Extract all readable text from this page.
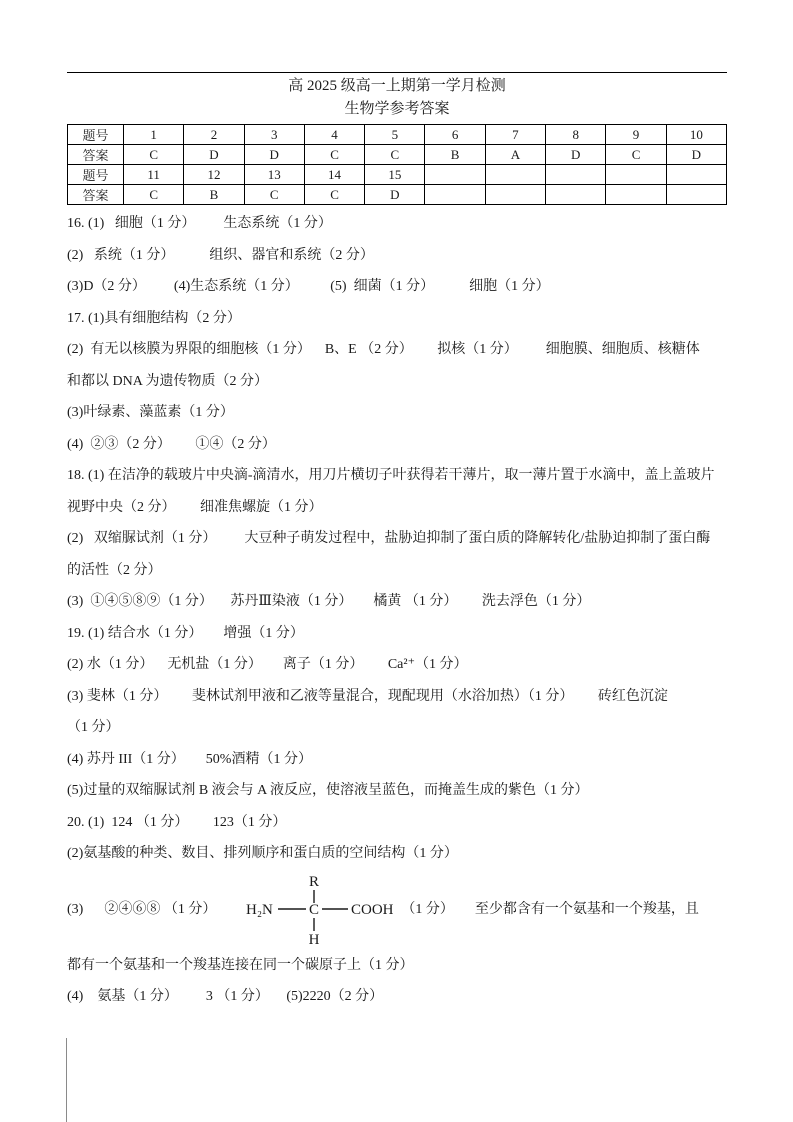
高 2025 级高一上期第一学月检测
生物学参考答案
题号	1	2	3	4	5	6	7	8	9	10
答案	C	D	D	C	C	B	A	D	C	D
题号	11	12	13	14	15					
答案	C	B	C	C	D					
16. (1)   细胞（1 分）        生态系统（1 分）
(2)   系统（1 分）          组织、器官和系统（2 分）
(3)D（2 分）        (4)生态系统（1 分）         (5)  细菌（1 分）          细胞（1 分）
17. (1)具有细胞结构（2 分）
(2)  有无以核膜为界限的细胞核（1 分）    B、E （2 分）       拟核（1 分）        细胞膜、细胞质、核糖体
和都以 DNA 为遗传物质（2 分）
(3)叶绿素、藻蓝素（1 分）
(4)  ②③（2 分）       ①④（2 分）
18. (1) 在洁净的载玻片中央滴-滴清水，用刀片横切子叶获得若干薄片，取一薄片置于水滴中，盖上盖玻片
视野中央（2 分）       细准焦螺旋（1 分）
(2)   双缩脲试剂（1 分）        大豆种子萌发过程中，盐胁迫抑制了蛋白质的降解转化/盐胁迫抑制了蛋白酶
的活性（2 分）
(3)  ①④⑤⑧⑨（1 分）     苏丹Ⅲ染液（1 分）      橘黄 （1 分）       洗去浮色（1 分）
19. (1) 结合水（1 分）      增强（1 分）
(2) 水（1 分）    无机盐（1 分）      离子（1 分）       Ca²⁺（1 分）
(3) 斐林（1 分）       斐林试剂甲液和乙液等量混合，现配现用（水浴加热）（1 分）       砖红色沉淀
（1 分）
(4) 苏丹 III（1 分）      50%酒精（1 分）
(5)过量的双缩脲试剂 B 液会与 A 液反应，使溶液呈蓝色，而掩盖生成的紫色（1 分）
20. (1)  124 （1 分）       123（1 分）
(2)氨基酸的种类、数目、排列顺序和蛋白质的空间结构（1 分）
(3)      ②④⑥⑧ （1 分）
R
H₂N C COOH
H
（1 分）      至少都含有一个氨基和一个羧基，且
都有一个氨基和一个羧基连接在同一个碳原子上（1 分）
(4)    氨基（1 分）        3 （1 分）     (5)2220（2 分）
